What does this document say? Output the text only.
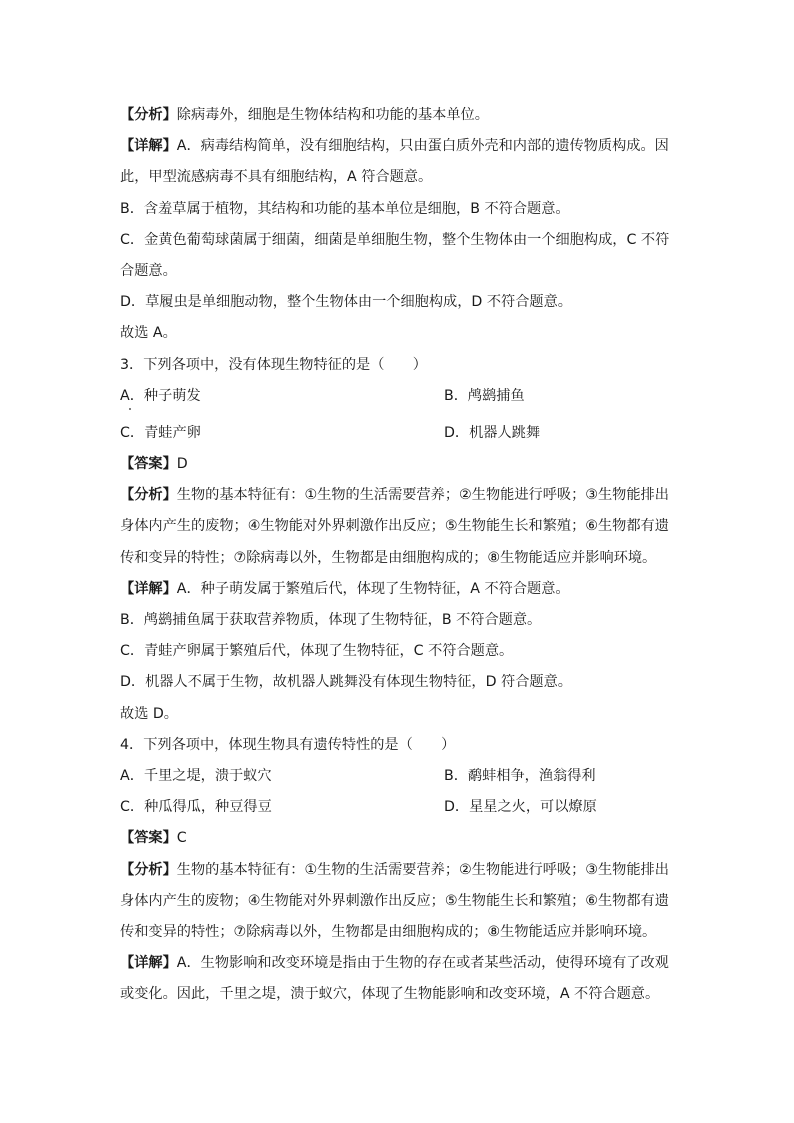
【分析】除病毒外，细胞是生物体结构和功能的基本单位。
【详解】A．病毒结构简单，没有细胞结构，只由蛋白质外壳和内部的遗传物质构成。因
此，甲型流感病毒不具有细胞结构，A 符合题意。
B．含羞草属于植物，其结构和功能的基本单位是细胞，B 不符合题意。
C．金黄色葡萄球菌属于细菌，细菌是单细胞生物，整个生物体由一个细胞构成，C 不符
合题意。
D．草履虫是单细胞动物，整个生物体由一个细胞构成，D 不符合题意。
故选 A。
3．下列各项中，没有体现生物特征的是（　　）
A．种子萌发	B．鸬鹚捕鱼
C．青蛙产卵	D．机器人跳舞
【答案】D
【分析】生物的基本特征有：①生物的生活需要营养；②生物能进行呼吸；③生物能排出
身体内产生的废物；④生物能对外界刺激作出反应；⑤生物能生长和繁殖；⑥生物都有遗
传和变异的特性；⑦除病毒以外，生物都是由细胞构成的；⑧生物能适应并影响环境。
【详解】A．种子萌发属于繁殖后代，体现了生物特征，A 不符合题意。
B．鸬鹚捕鱼属于获取营养物质，体现了生物特征，B 不符合题意。
C．青蛙产卵属于繁殖后代，体现了生物特征，C 不符合题意。
D．机器人不属于生物，故机器人跳舞没有体现生物特征，D 符合题意。
故选 D。
4．下列各项中，体现生物具有遗传特性的是（　　）
A．千里之堤，溃于蚁穴	B．鹬蚌相争，渔翁得利
C．种瓜得瓜，种豆得豆	D．星星之火，可以燎原
【答案】C
【分析】生物的基本特征有：①生物的生活需要营养；②生物能进行呼吸；③生物能排出
身体内产生的废物；④生物能对外界刺激作出反应；⑤生物能生长和繁殖；⑥生物都有遗
传和变异的特性；⑦除病毒以外，生物都是由细胞构成的；⑧生物能适应并影响环境。
【详解】A．生物影响和改变环境是指由于生物的存在或者某些活动，使得环境有了改观
或变化。因此，千里之堤，溃于蚁穴，体现了生物能影响和改变环境，A 不符合题意。
